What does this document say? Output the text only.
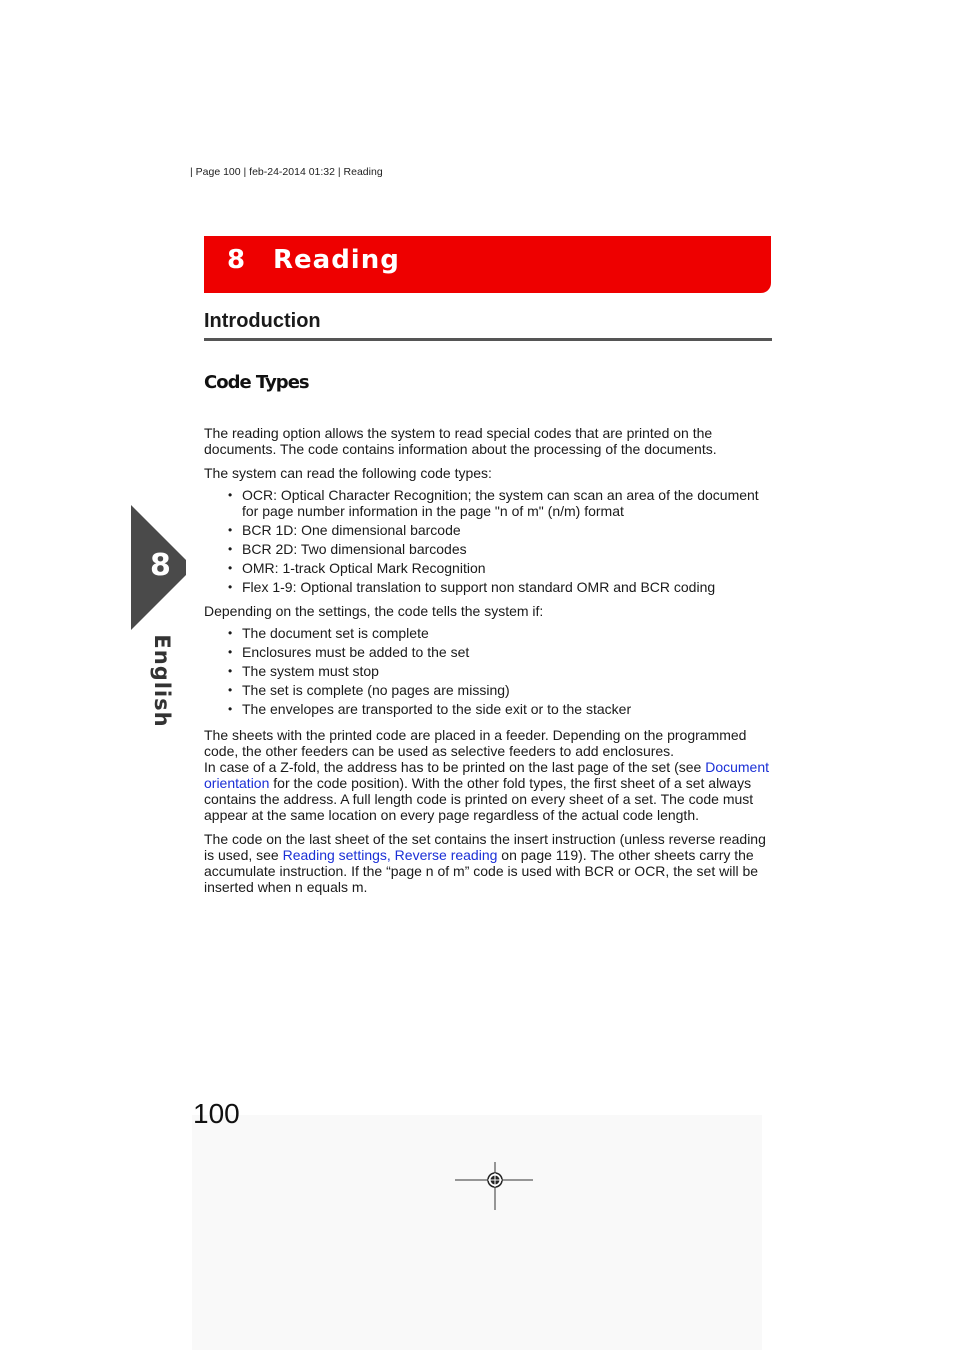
| Page 100 | feb-24-2014 01:32 | Reading
8 Reading
Introduction
Code Types
8
English

The reading option allows the system to read special codes that are printed on the documents. The code contains information about the processing of the documents.

The system can read the following code types:

• OCR: Optical Character Recognition; the system can scan an area of the document for page number information in the page "n of m" (n/m) format
• BCR 1D: One dimensional barcode
• BCR 2D: Two dimensional barcodes
• OMR: 1-track Optical Mark Recognition
• Flex 1-9: Optional translation to support non standard OMR and BCR coding

Depending on the settings, the code tells the system if:

• The document set is complete
• Enclosures must be added to the set
• The system must stop
• The set is complete (no pages are missing)
• The envelopes are transported to the side exit or to the stacker

The sheets with the printed code are placed in a feeder. Depending on the programmed code, the other feeders can be used as selective feeders to add enclosures.

In case of a Z-fold, the address has to be printed on the last page of the set (see Document orientation for the code position). With the other fold types, the first sheet of a set always contains the address. A full length code is printed on every sheet of a set. The code must appear at the same location on every page regardless of the actual code length.

The code on the last sheet of the set contains the insert instruction (unless reverse reading is used, see Reading settings, Reverse reading on page 119). The other sheets carry the accumulate instruction. If the “page n of m” code is used with BCR or OCR, the set will be inserted when n equals m.

100
